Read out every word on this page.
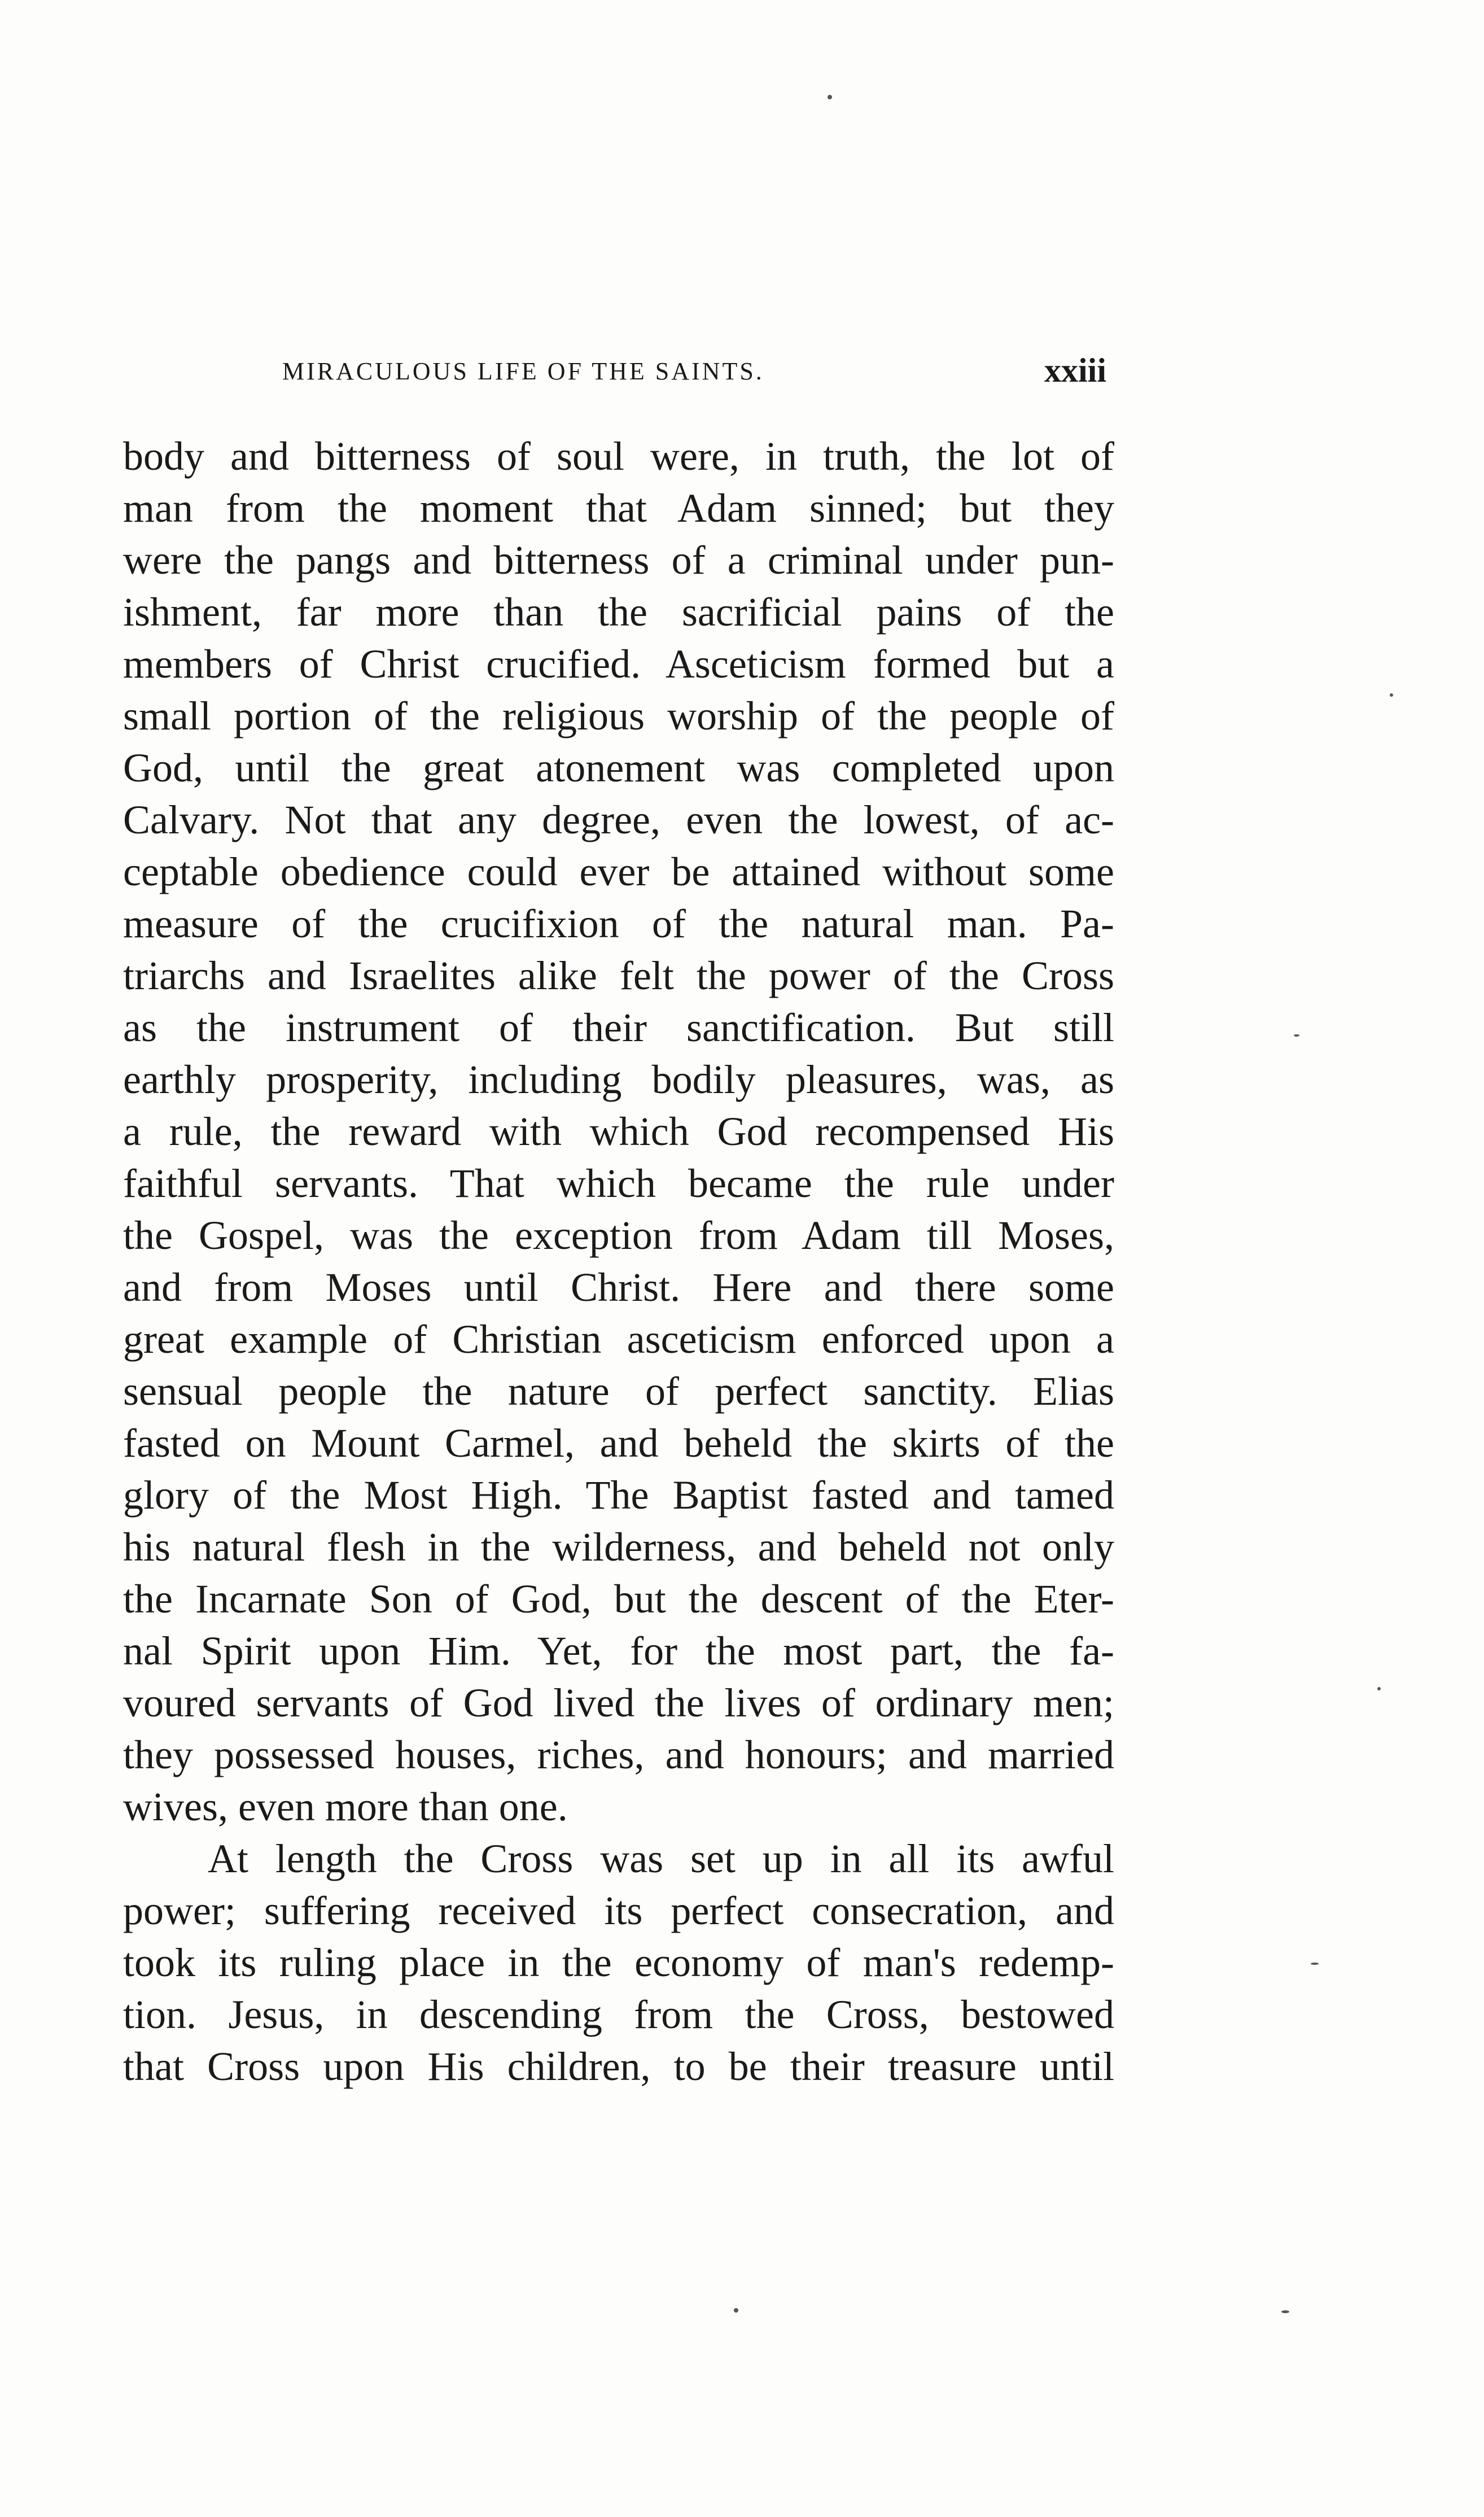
MIRACULOUS LIFE OF THE SAINTS.	xxiii
body and bitterness of soul were, in truth, the lot of
man from the moment that Adam sinned; but they
were the pangs and bitterness of a criminal under pun-
ishment, far more than the sacrificial pains of the
members of Christ crucified. Asceticism formed but a
small portion of the religious worship of the people of
God, until the great atonement was completed upon
Calvary. Not that any degree, even the lowest, of ac-
ceptable obedience could ever be attained without some
measure of the crucifixion of the natural man. Pa-
triarchs and Israelites alike felt the power of the Cross
as the instrument of their sanctification. But still
earthly prosperity, including bodily pleasures, was, as
a rule, the reward with which God recompensed His
faithful servants. That which became the rule under
the Gospel, was the exception from Adam till Moses,
and from Moses until Christ. Here and there some
great example of Christian asceticism enforced upon a
sensual people the nature of perfect sanctity. Elias
fasted on Mount Carmel, and beheld the skirts of the
glory of the Most High. The Baptist fasted and tamed
his natural flesh in the wilderness, and beheld not only
the Incarnate Son of God, but the descent of the Eter-
nal Spirit upon Him. Yet, for the most part, the fa-
voured servants of God lived the lives of ordinary men;
they possessed houses, riches, and honours; and married
wives, even more than one.
At length the Cross was set up in all its awful
power; suffering received its perfect consecration, and
took its ruling place in the economy of man's redemp-
tion. Jesus, in descending from the Cross, bestowed
that Cross upon His children, to be their treasure until
